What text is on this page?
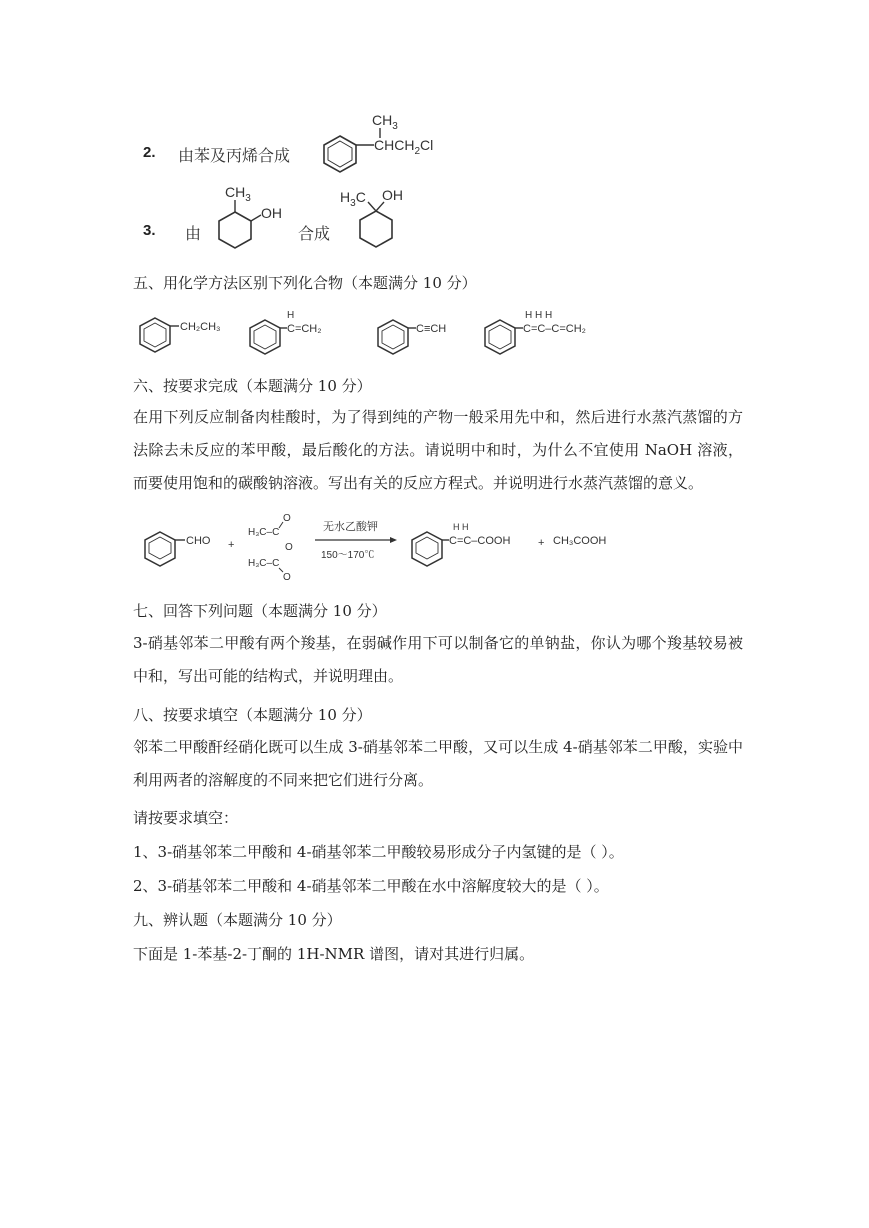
2. 由苯及丙烯合成
$CH_3$
$CHCH_2Cl$
3. 由
$CH_3$
OH
合成
$H_3C$ OH
五、用化学方法区别下列化合物（本题满分 10 分）
CH₂CH₃
H
C=CH₂	C≡CH
H H H
C=C–C=CH₂
六、按要求完成（本题满分 10 分）
在用下列反应制备肉桂酸时，为了得到纯的产物一般采用先中和，然后进行水蒸汽蒸馏的方法除去未反应的苯甲酸，最后酸化的方法。请说明中和时，为什么不宜使用 NaOH 溶液，而要使用饱和的碳酸钠溶液。写出有关的反应方程式。并说明进行水蒸汽蒸馏的意义。
CHO +
H₃C–C
O
O
H₃C–C
O
无水乙酸钾
150～170℃
H H
C=C–COOH	+ CH₃COOH
七、回答下列问题（本题满分 10 分）
3-硝基邻苯二甲酸有两个羧基，在弱碱作用下可以制备它的单钠盐，你认为哪个羧基较易被中和，写出可能的结构式，并说明理由。
八、按要求填空（本题满分 10 分）
邻苯二甲酸酐经硝化既可以生成 3-硝基邻苯二甲酸，又可以生成 4-硝基邻苯二甲酸，实验中利用两者的溶解度的不同来把它们进行分离。
请按要求填空：
1、3-硝基邻苯二甲酸和 4-硝基邻苯二甲酸较易形成分子内氢键的是（ ）。
2、3-硝基邻苯二甲酸和 4-硝基邻苯二甲酸在水中溶解度较大的是（ ）。
九、辨认题（本题满分 10 分）
下面是 1-苯基-2-丁酮的 1H-NMR 谱图，请对其进行归属。
